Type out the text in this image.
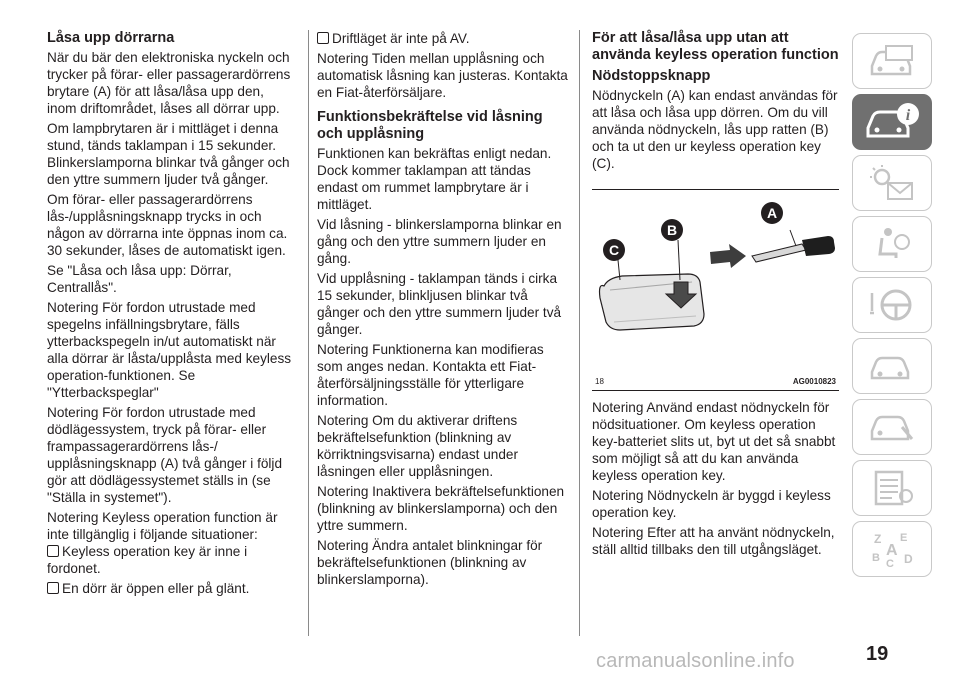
Låsa upp dörrarna

När du bär den elektroniska nyckeln och trycker på förar- eller passagerardörrens brytare (A) för att låsa/låsa upp den, inom driftområdet, låses all dörrar upp.

Om lampbrytaren är i mittläget i denna stund, tänds taklampan i 15 sekunder. Blinkerslamporna blinkar två gånger och den yttre summern ljuder två gånger.

Om förar- eller passagerardörrens lås-/upplåsningsknapp trycks in och någon av dörrarna inte öppnas inom ca. 30 sekunder, låses de automatiskt igen.

Se "Låsa och låsa upp: Dörrar, Centrallås".

Notering För fordon utrustade med spegelns infällningsbrytare, fälls ytterbackspegeln in/ut automatiskt när alla dörrar är låsta/upplåsta med keyless operation-funktionen. Se "Ytterbackspeglar"

Notering För fordon utrustade med dödlägessystem, tryck på förar- eller frampassagerardörrens lås-/ upplåsningsknapp (A) två gånger i följd gör att dödlägessystemet ställs in (se "Ställa in systemet").

Notering Keyless operation function är inte tillgänglig i följande situationer:

Keyless operation key är inne i

fordonet.

En dörr är öppen eller på glänt.

Driftläget är inte på AV.

Notering Tiden mellan upplåsning och automatisk låsning kan justeras. Kontakta en Fiat-återförsäljare.

Funktionsbekräftelse vid låsning och upplåsning

Funktionen kan bekräftas enligt nedan. Dock kommer taklampan att tändas endast om rummet lampbrytare är i mittläget.

Vid låsning - blinkerslamporna blinkar en gång och den yttre summern ljuder en gång.

Vid upplåsning - taklampan tänds i cirka 15 sekunder, blinkljusen blinkar två gånger och den yttre summern ljuder två gånger.

Notering Funktionerna kan modifieras som anges nedan. Kontakta ett Fiat-återförsäljningsställe för ytterligare information.

Notering Om du aktiverar driftens bekräftelsefunktion (blinkning av körriktningsvisarna) endast under låsningen eller upplåsningen.

Notering Inaktivera bekräftelsefunktionen (blinkning av blinkerslamporna) och den yttre summern.

Notering Ändra antalet blinkningar för bekräftelsefunktionen (blinkning av blinkerslamporna).

För att låsa/låsa upp utan att använda keyless operation function
Nödstoppsknapp

Nödnyckeln (A) kan endast användas för att låsa och låsa upp dörren. Om du vill använda nödnyckeln, lås upp ratten (B) och ta ut den ur keyless operation key (C).

C
B
A
18	AG0010823

Notering Använd endast nödnyckeln för nödsituationer. Om keyless operation key-batteriet slits ut, byt ut det så snabbt som möjligt så att du kan använda keyless operation key.

Notering Nödnyckeln är byggd i keyless operation key.

Notering Efter att ha använt nödnyckeln, ställ alltid tillbaks den till utgångsläget.

i
Z E
B C D
A
19
carmanualsonline.info
